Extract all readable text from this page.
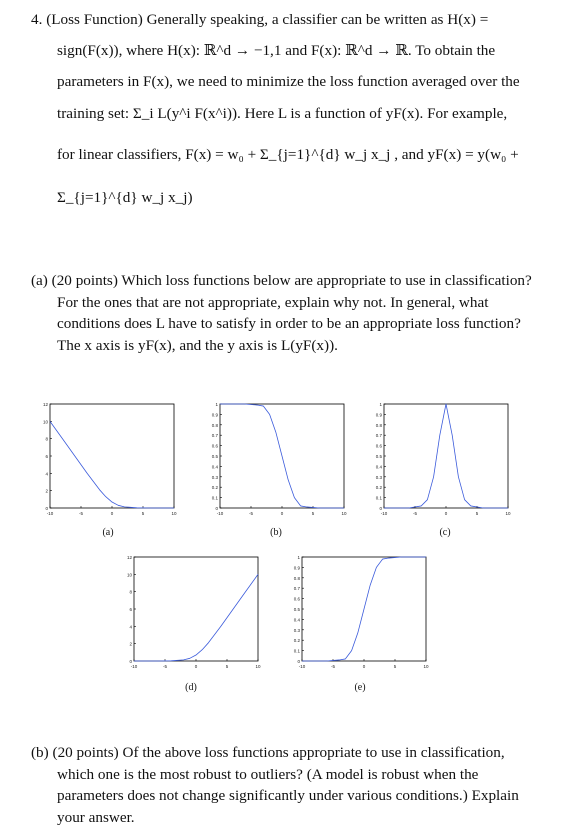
4. (Loss Function) Generally speaking, a classifier can be written as H(x) =
sign(F(x)), where H(x): ℝ^d → −1,1 and F(x): ℝ^d → ℝ. To obtain the
parameters in F(x), we need to minimize the loss function averaged over the
training set: Σ_i L(y^i F(x^i)). Here L is a function of yF(x). For example,
for linear classifiers, F(x) = w₀ + Σ_{j=1}^{d} w_j x_j , and yF(x) = y(w₀ +
Σ_{j=1}^{d} w_j x_j)
(a) (20 points) Which loss functions below are appropriate to use in classification?
For the ones that are not appropriate, explain why not. In general, what
conditions does L have to satisfy in order to be an appropriate loss function?
The x axis is yF(x), and the y axis is L(yF(x)).
12
10
8
6
4
2
0
-10	-5	0	5	10
1
0.9
0.8
0.7
0.6
0.5
0.4
0.3
0.2
0.1
0
-10	-5	0	5	10
1
0.9
0.8
0.7
0.6
0.5
0.4
0.3
0.2
0.1
0
-10	-5	0	5	10
12
10
8
6
4
2
0
-10	-5	0	5	10
1
0.9
0.8
0.7
0.6
0.5
0.4
0.3
0.2
0.1
0
-10	-5	0	5	10
(a)	(b)	(c)
(d)	(e)
(b) (20 points) Of the above loss functions appropriate to use in classification,
which one is the most robust to outliers? (A model is robust when the
parameters does not change significantly under various conditions.) Explain
your answer.
